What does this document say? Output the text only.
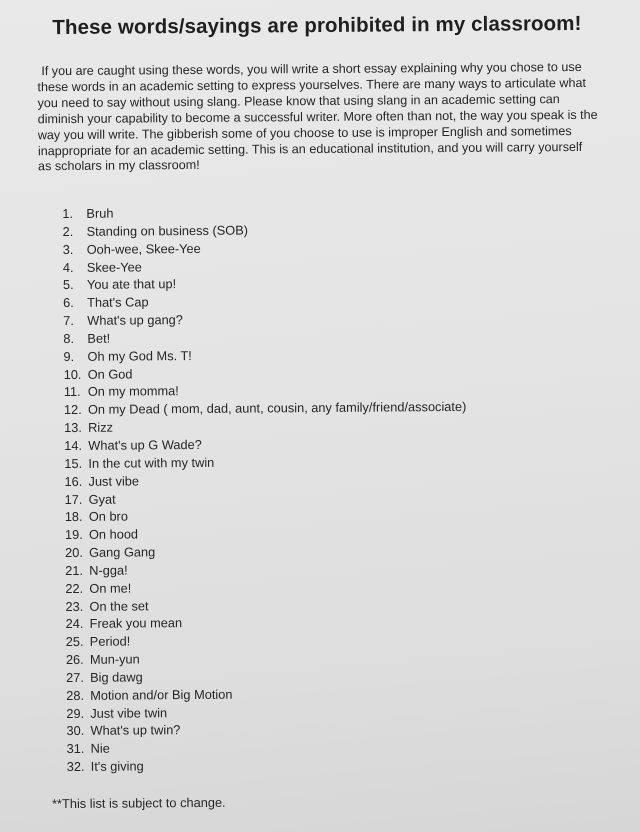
These words/sayings are prohibited in my classroom!

If you are caught using these words, you will write a short essay explaining why you chose to use these words in an academic setting to express yourselves. There are many ways to articulate what you need to say without using slang. Please know that using slang in an academic setting can diminish your capability to become a successful writer. More often than not, the way you speak is the way you will write. The gibberish some of you choose to use is improper English and sometimes inappropriate for an academic setting. This is an educational institution, and you will carry yourself as scholars in my classroom!

1. Bruh
2. Standing on business (SOB)
3. Ooh-wee, Skee-Yee
4. Skee-Yee
5. You ate that up!
6. That's Cap
7. What's up gang?
8. Bet!
9. Oh my God Ms. T!
10. On God
11. On my momma!
12. On my Dead ( mom, dad, aunt, cousin, any family/friend/associate)
13. Rizz
14. What's up G Wade?
15. In the cut with my twin
16. Just vibe
17. Gyat
18. On bro
19. On hood
20. Gang Gang
21. N-gga!
22. On me!
23. On the set
24. Freak you mean
25. Period!
26. Mun-yun
27. Big dawg
28. Motion and/or Big Motion
29. Just vibe twin
30. What's up twin?
31. Nie
32. It's giving

**This list is subject to change.
